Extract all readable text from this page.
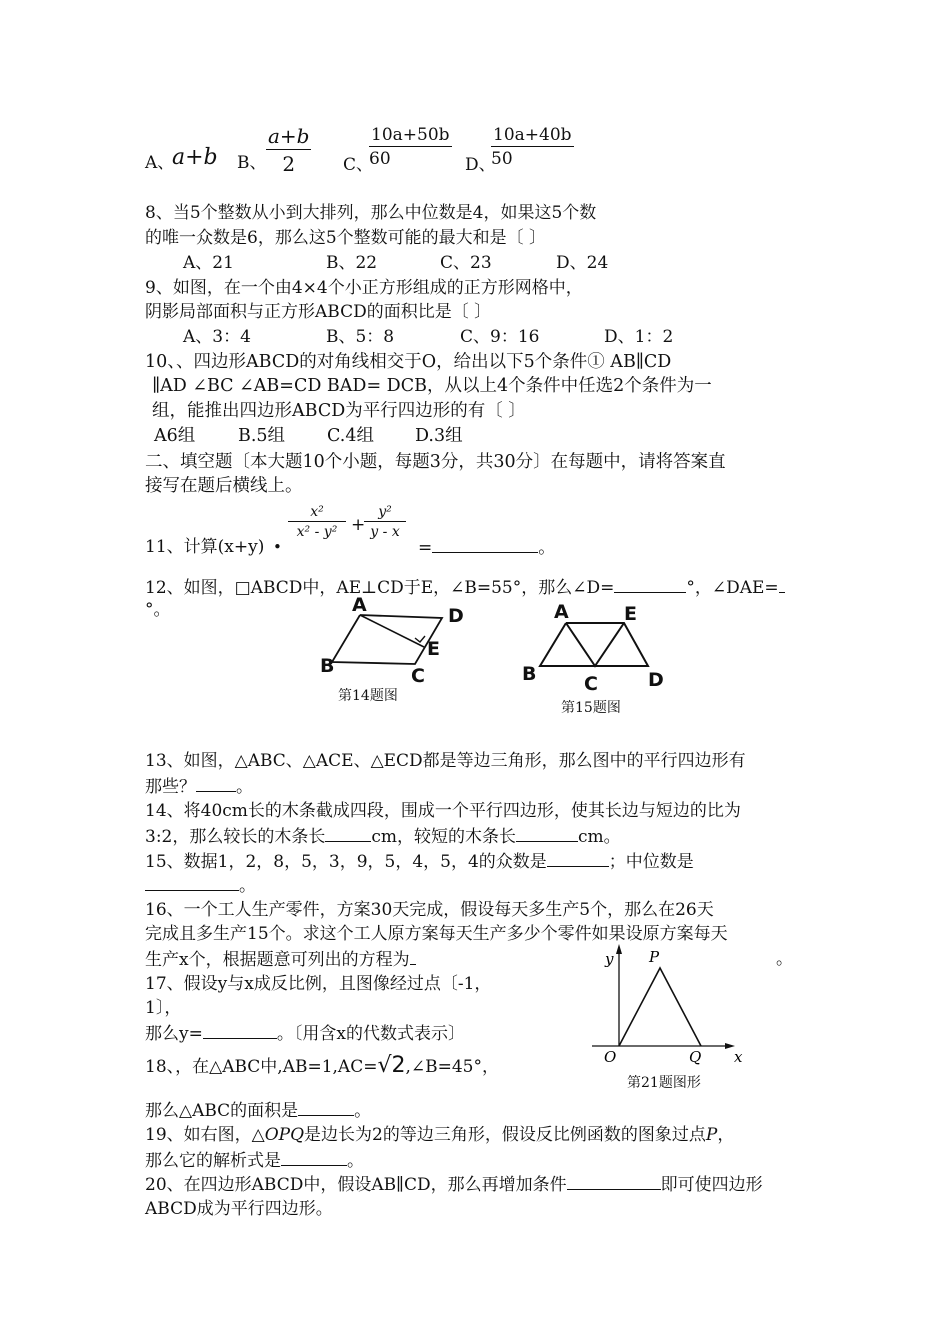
A、
a+b B、 $\frac{a+b}{2}$ C、
$\frac{10a+50b}{60}$ D、
$\frac{10a+40b}{50}$
8、当5个整数从小到大排列，那么中位数是4，如果这5个数
的唯一众数是6，那么这5个整数可能的最大和是〔 〕
A、21	B、22	C、23	D、24
9、如图，在一个由4×4个小正方形组成的正方形网格中，
阴影局部面积与正方形ABCD的面积比是〔 〕
A、3：4	B、5：8	C、9：16	D、1：2
10、、四边形ABCD的对角线相交于O，给出以下5个条件① AB∥CD
∥AD ∠BC ∠AB=CD BAD= DCB，从以上4个条件中任选2个条件为一
组，能推出四边形ABCD为平行四边形的有〔 〕
A6组 B.5组 C.4组 D.3组
二、填空题〔本大题10个小题，每题3分，共30分〕在每题中，请将答案直
接写在题后横线上。
11、计算(x+y) •
$\frac{\text{x²}}{\text{x² - y²}}$ +
$\frac{\text{y²}}{y - x}$
=	。
12、如图，□ABCD中，AE⊥CD于E，∠B=55°，那么∠D=	°，∠DAE=
°。	A	D
E
B	C
第14题图
A	E
B	C	D
第15题图
13、如图，△ABC、△ACE、△ECD都是等边三角形，那么图中的平行四边形有
那些？ 。
14、将40cm长的木条截成四段，围成一个平行四边形，使其长边与短边的比为
3:2，那么较长的木条长	cm，较短的木条长	cm。
15、数据1，2，8，5，3，9，5，4，5，4的众数是	；中位数是
。
16、一个工人生产零件，方案30天完成，假设每天多生产5个，那么在26天
完成且多生产15个。求这个工人原方案每天生产多少个零件如果设原方案每天
生产x个，根据题意可列出的方程为	。
17、假设y与x成反比例，且图像经过点〔-1，
1〕，
那么y=	。〔用含x的代数式表示〕
18、，在△ABC中,AB=1,AC=√2,∠B=45°，
那么△ABC的面积是	。
y P
O	Q x
第21题图形
19、如右图，△OPQ是边长为2的等边三角形，假设反比例函数的图象过点P，
那么它的解析式是	。
20、在四边形ABCD中，假设AB∥CD，那么再增加条件	即可使四边形
ABCD成为平行四边形。
